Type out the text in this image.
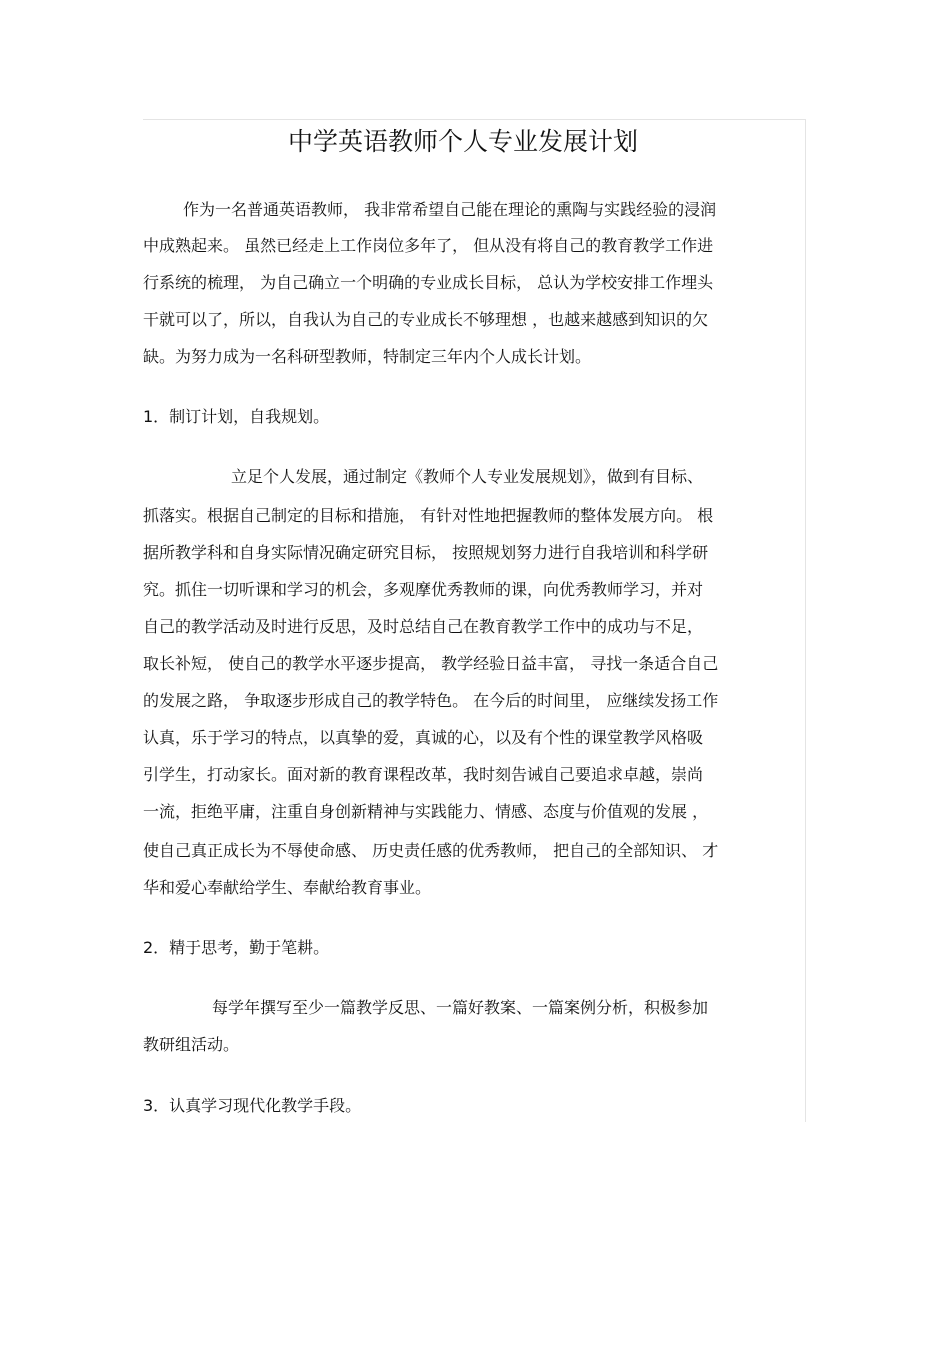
中学英语教师个人专业发展计划
作为一名普通英语教师， 我非常希望自己能在理论的熏陶与实践经验的浸润
中成熟起来。 虽然已经走上工作岗位多年了， 但从没有将自己的教育教学工作进
行系统的梳理， 为自己确立一个明确的专业成长目标， 总认为学校安排工作埋头
干就可以了，所以，自我认为自己的专业成长不够理想 ，也越来越感到知识的欠
缺。为努力成为一名科研型教师，特制定三年内个人成长计划。
1．制订计划，自我规划。
立足个人发展，通过制定《教师个人专业发展规划》，做到有目标、
抓落实。根据自己制定的目标和措施， 有针对性地把握教师的整体发展方向。 根
据所教学科和自身实际情况确定研究目标， 按照规划努力进行自我培训和科学研
究。抓住一切听课和学习的机会，多观摩优秀教师的课，向优秀教师学习，并对
自己的教学活动及时进行反思，及时总结自己在教育教学工作中的成功与不足，
取长补短， 使自己的教学水平逐步提高， 教学经验日益丰富， 寻找一条适合自己
的发展之路， 争取逐步形成自己的教学特色。 在今后的时间里， 应继续发扬工作
认真，乐于学习的特点，以真挚的爱，真诚的心，以及有个性的课堂教学风格吸
引学生，打动家长。面对新的教育课程改革，我时刻告诫自己要追求卓越，崇尚
一流，拒绝平庸，注重自身创新精神与实践能力、情感、态度与价值观的发展 ，
使自己真正成长为不辱使命感、 历史责任感的优秀教师， 把自己的全部知识、 才
华和爱心奉献给学生、奉献给教育事业。
2．精于思考，勤于笔耕。
每学年撰写至少一篇教学反思、一篇好教案、一篇案例分析，积极参加
教研组活动。
3．认真学习现代化教学手段。
